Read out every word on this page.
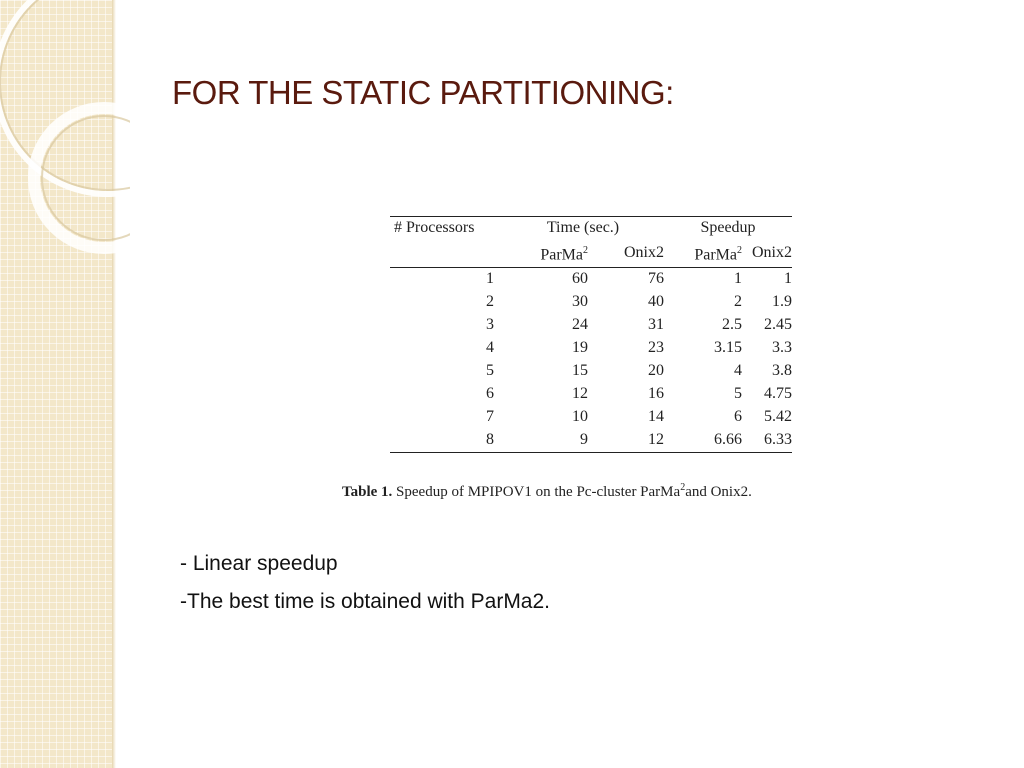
FOR THE STATIC PARTITIONING:
# Processors	Time (sec.)		Speedup	
	ParMa$^2$	Onix2	ParMa$^2$	Onix2
1	60	76	1	1
2	30	40	2	1.9
3	24	31	2.5	2.45
4	19	23	3.15	3.3
5	15	20	4	3.8
6	12	16	5	4.75
7	10	14	6	5.42
8	9	12	6.66	6.33
Table 1. Speedup of MPIPOV1 on the Pc-cluster ParMa$^2$and Onix2.
- Linear speedup
-The best time is obtained with ParMa2.
